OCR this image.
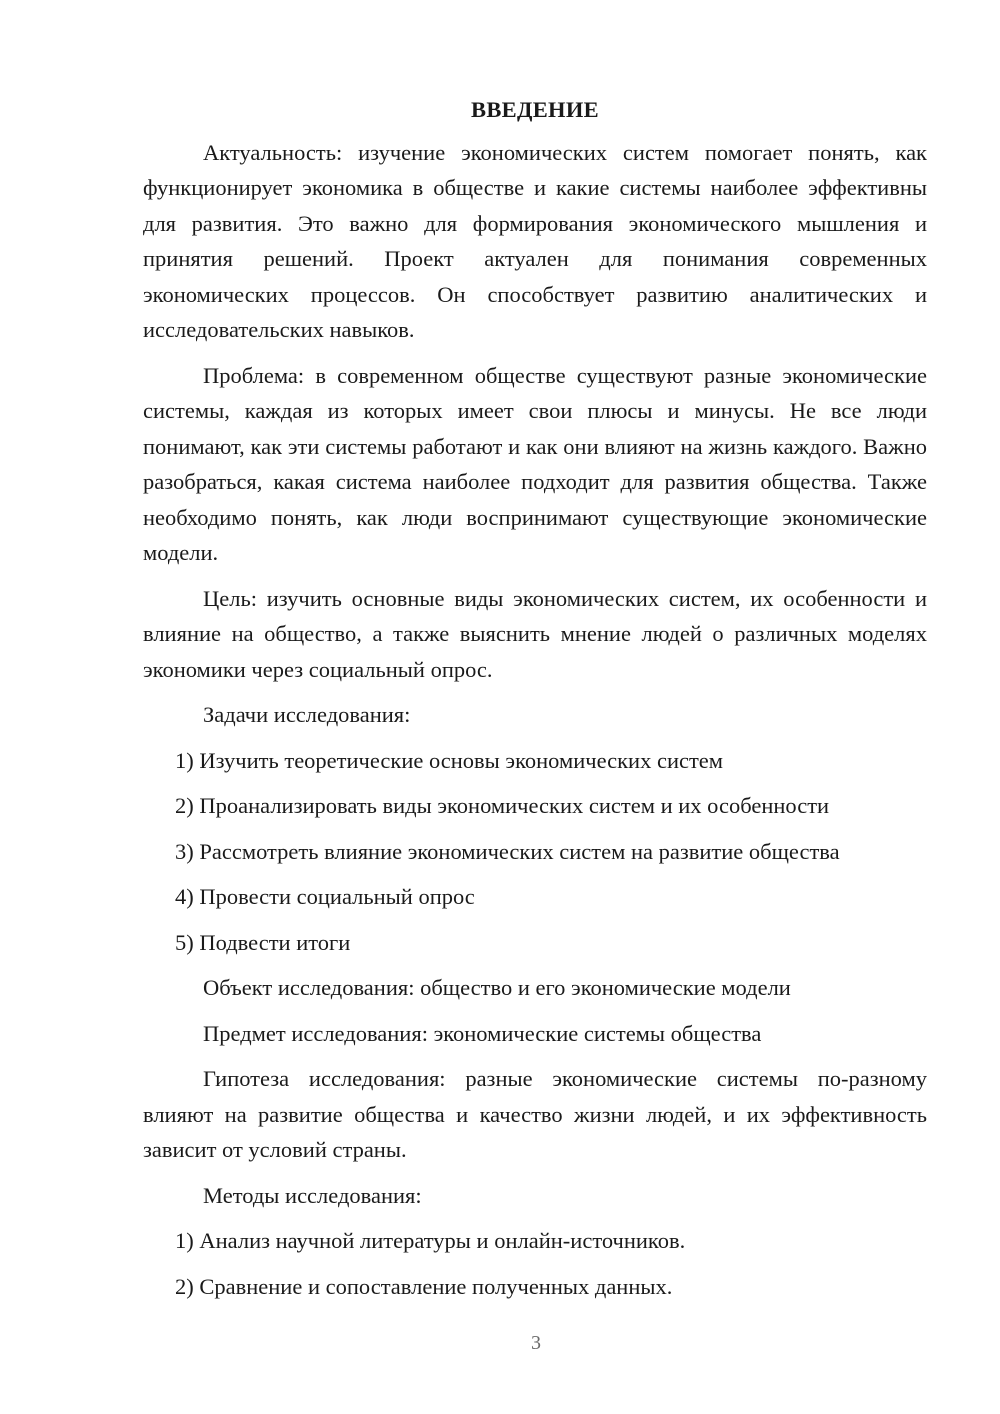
ВВЕДЕНИЕ

Актуальность: изучение экономических систем помогает понять, как функционирует экономика в обществе и какие системы наиболее эффективны для развития. Это важно для формирования экономического мышления и принятия решений. Проект актуален для понимания современных экономических процессов. Он способствует развитию аналитических и исследовательских навыков.

Проблема: в современном обществе существуют разные экономические системы, каждая из которых имеет свои плюсы и минусы. Не все люди понимают, как эти системы работают и как они влияют на жизнь каждого. Важно разобраться, какая система наиболее подходит для развития общества. Также необходимо понять, как люди воспринимают существующие экономические модели.

Цель: изучить основные виды экономических систем, их особенности и влияние на общество, а также выяснить мнение людей о различных моделях экономики через социальный опрос.

Задачи исследования:

1) Изучить теоретические основы экономических систем
2) Проанализировать виды экономических систем и их особенности
3) Рассмотреть влияние экономических систем на развитие общества
4) Провести социальный опрос
5) Подвести итоги

Объект исследования: общество и его экономические модели

Предмет исследования: экономические системы общества

Гипотеза исследования: разные экономические системы по-разному влияют на развитие общества и качество жизни людей, и их эффективность зависит от условий страны.

Методы исследования:

1) Анализ научной литературы и онлайн-источников.
2) Сравнение и сопоставление полученных данных.
3
